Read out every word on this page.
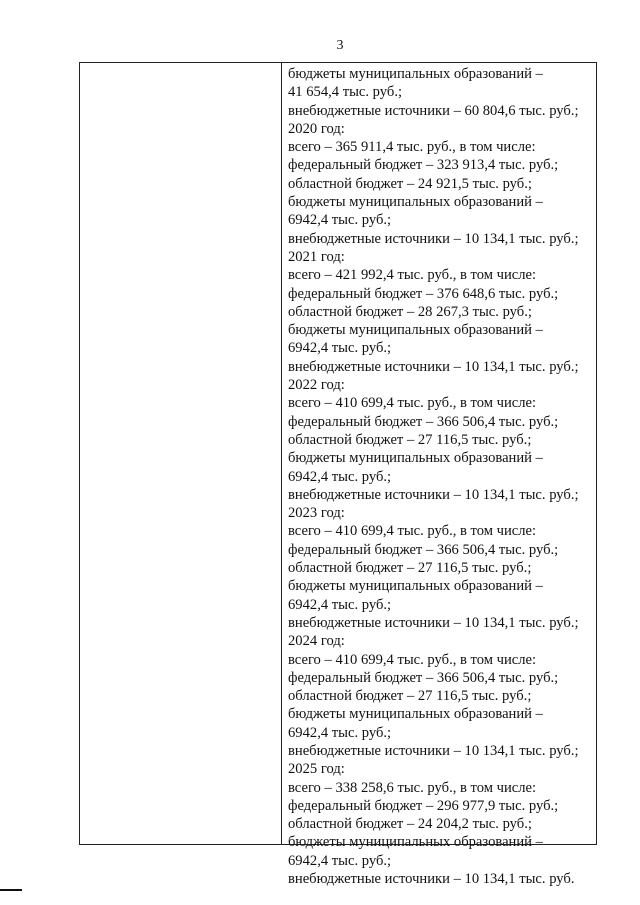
3
бюджеты муниципальных образований –
41 654,4 тыс. руб.;
внебюджетные источники – 60 804,6 тыс. руб.;
2020 год:
всего – 365 911,4 тыс. руб., в том числе:
федеральный бюджет – 323 913,4 тыс. руб.;
областной бюджет – 24 921,5 тыс. руб.;
бюджеты муниципальных образований –
6942,4 тыс. руб.;
внебюджетные источники – 10 134,1 тыс. руб.;
2021 год:
всего – 421 992,4 тыс. руб., в том числе:
федеральный бюджет – 376 648,6 тыс. руб.;
областной бюджет – 28 267,3 тыс. руб.;
бюджеты муниципальных образований –
6942,4 тыс. руб.;
внебюджетные источники – 10 134,1 тыс. руб.;
2022 год:
всего – 410 699,4 тыс. руб., в том числе:
федеральный бюджет – 366 506,4 тыс. руб.;
областной бюджет – 27 116,5 тыс. руб.;
бюджеты муниципальных образований –
6942,4 тыс. руб.;
внебюджетные источники – 10 134,1 тыс. руб.;
2023 год:
всего – 410 699,4 тыс. руб., в том числе:
федеральный бюджет – 366 506,4 тыс. руб.;
областной бюджет – 27 116,5 тыс. руб.;
бюджеты муниципальных образований –
6942,4 тыс. руб.;
внебюджетные источники – 10 134,1 тыс. руб.;
2024 год:
всего – 410 699,4 тыс. руб., в том числе:
федеральный бюджет – 366 506,4 тыс. руб.;
областной бюджет – 27 116,5 тыс. руб.;
бюджеты муниципальных образований –
6942,4 тыс. руб.;
внебюджетные источники – 10 134,1 тыс. руб.;
2025 год:
всего – 338 258,6 тыс. руб., в том числе:
федеральный бюджет – 296 977,9 тыс. руб.;
областной бюджет – 24 204,2 тыс. руб.;
бюджеты муниципальных образований –
6942,4 тыс. руб.;
внебюджетные источники – 10 134,1 тыс. руб.
